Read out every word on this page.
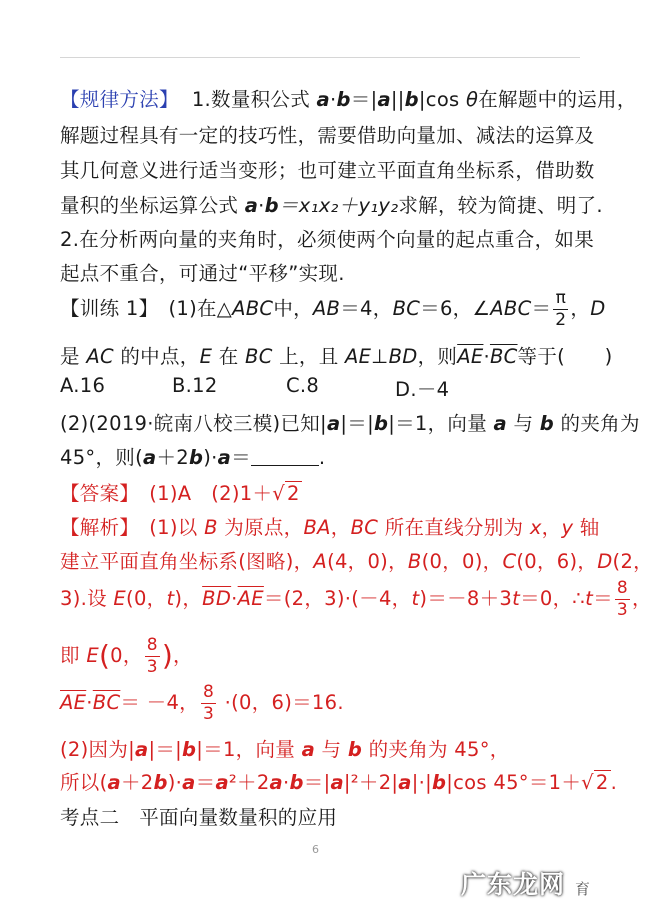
【规律方法】 1.数量积公式 a·b＝|a||b|cos θ在解题中的运用，
解题过程具有一定的技巧性，需要借助向量加、减法的运算及
其几何意义进行适当变形；也可建立平面直角坐标系，借助数
量积的坐标运算公式 a·b＝x₁x₂＋y₁y₂求解，较为简捷、明了.
2.在分析两向量的夹角时，必须使两个向量的起点重合，如果
起点不重合，可通过“平移”实现.
【训练 1】　(1)在△ABC中，AB＝4，BC＝6，∠ABC＝ $\frac{\pi}{2}$ ，D
是 AC 的中点，E 在 BC 上，且 AE⊥BD，则$\overline{AE}\cdot\overline{BC}$等于(　　)
A.16	B.12	C.8	D.－4
(2)(2019·皖南八校三模)已知|a|＝|b|＝1，向量 a 与 b 的夹角为
45°，则(a＋2b)·a＝	.
【答案】　(1)A　(2)1＋√ 2
【解析】　(1)以 B 为原点，BA，BC 所在直线分别为 x，y 轴
建立平面直角坐标系(图略)，A(4，0)，B(0，0)，C(0，6)，D(2，
3).设 E(0，t)，$\overline{BD}\cdot\overline{AE}=(2$，3)·(－4，t)＝－8＋3t＝0，∴t＝ $\frac{8}{3}$ ，
即 E(0， $\frac{8}{3}$ )，
$\overline{AE}\cdot\overline{BC}= -4$， $\frac{8}{3} \cdot(0$，6)＝16.
(2)因为|a|＝|b|＝1，向量 a 与 b 的夹角为 45°，
所以(a＋2b)·a＝a²＋2a·b＝|a|²＋2|a|·|b|cos 45°＝1＋√ 2 .
考点二　平面向量数量积的应用
6
广东龙网 育
